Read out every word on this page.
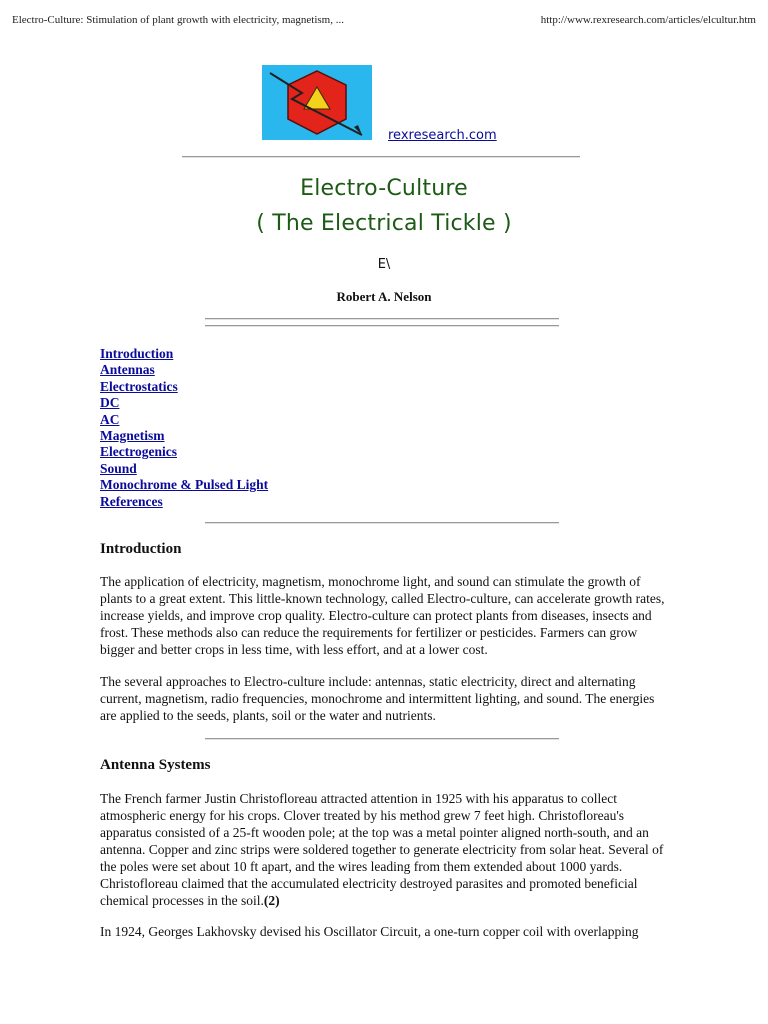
Electro-Culture: Stimulation of plant growth with electricity, magnetism, ...	http://www.rexresearch.com/articles/elcultur.htm
rexresearch.com
Electro-Culture
( The Electrical Tickle )
E\
Robert A. Nelson
Introduction
Antennas
Electrostatics
DC
AC
Magnetism
Electrogenics
Sound
Monochrome & Pulsed Light
References
Introduction

The application of electricity, magnetism, monochrome light, and sound can stimulate the growth of plants to a great extent. This little-known technology, called Electro-culture, can accelerate growth rates, increase yields, and improve crop quality. Electro-culture can protect plants from diseases, insects and frost. These methods also can reduce the requirements for fertilizer or pesticides. Farmers can grow bigger and better crops in less time, with less effort, and at a lower cost.

The several approaches to Electro-culture include: antennas, static electricity, direct and alternating current, magnetism, radio frequencies, monochrome and intermittent lighting, and sound. The energies are applied to the seeds, plants, soil or the water and nutrients.

Antenna Systems

The French farmer Justin Christofloreau attracted attention in 1925 with his apparatus to collect atmospheric energy for his crops. Clover treated by his method grew 7 feet high. Christofloreau's apparatus consisted of a 25-ft wooden pole; at the top was a metal pointer aligned north-south, and an antenna. Copper and zinc strips were soldered together to generate electricity from solar heat. Several of the poles were set about 10 ft apart, and the wires leading from them extended about 1000 yards. Christofloreau claimed that the accumulated electricity destroyed parasites and promoted beneficial chemical processes in the soil.(2)

In 1924, Georges Lakhovsky devised his Oscillator Circuit, a one-turn copper coil with overlapping
